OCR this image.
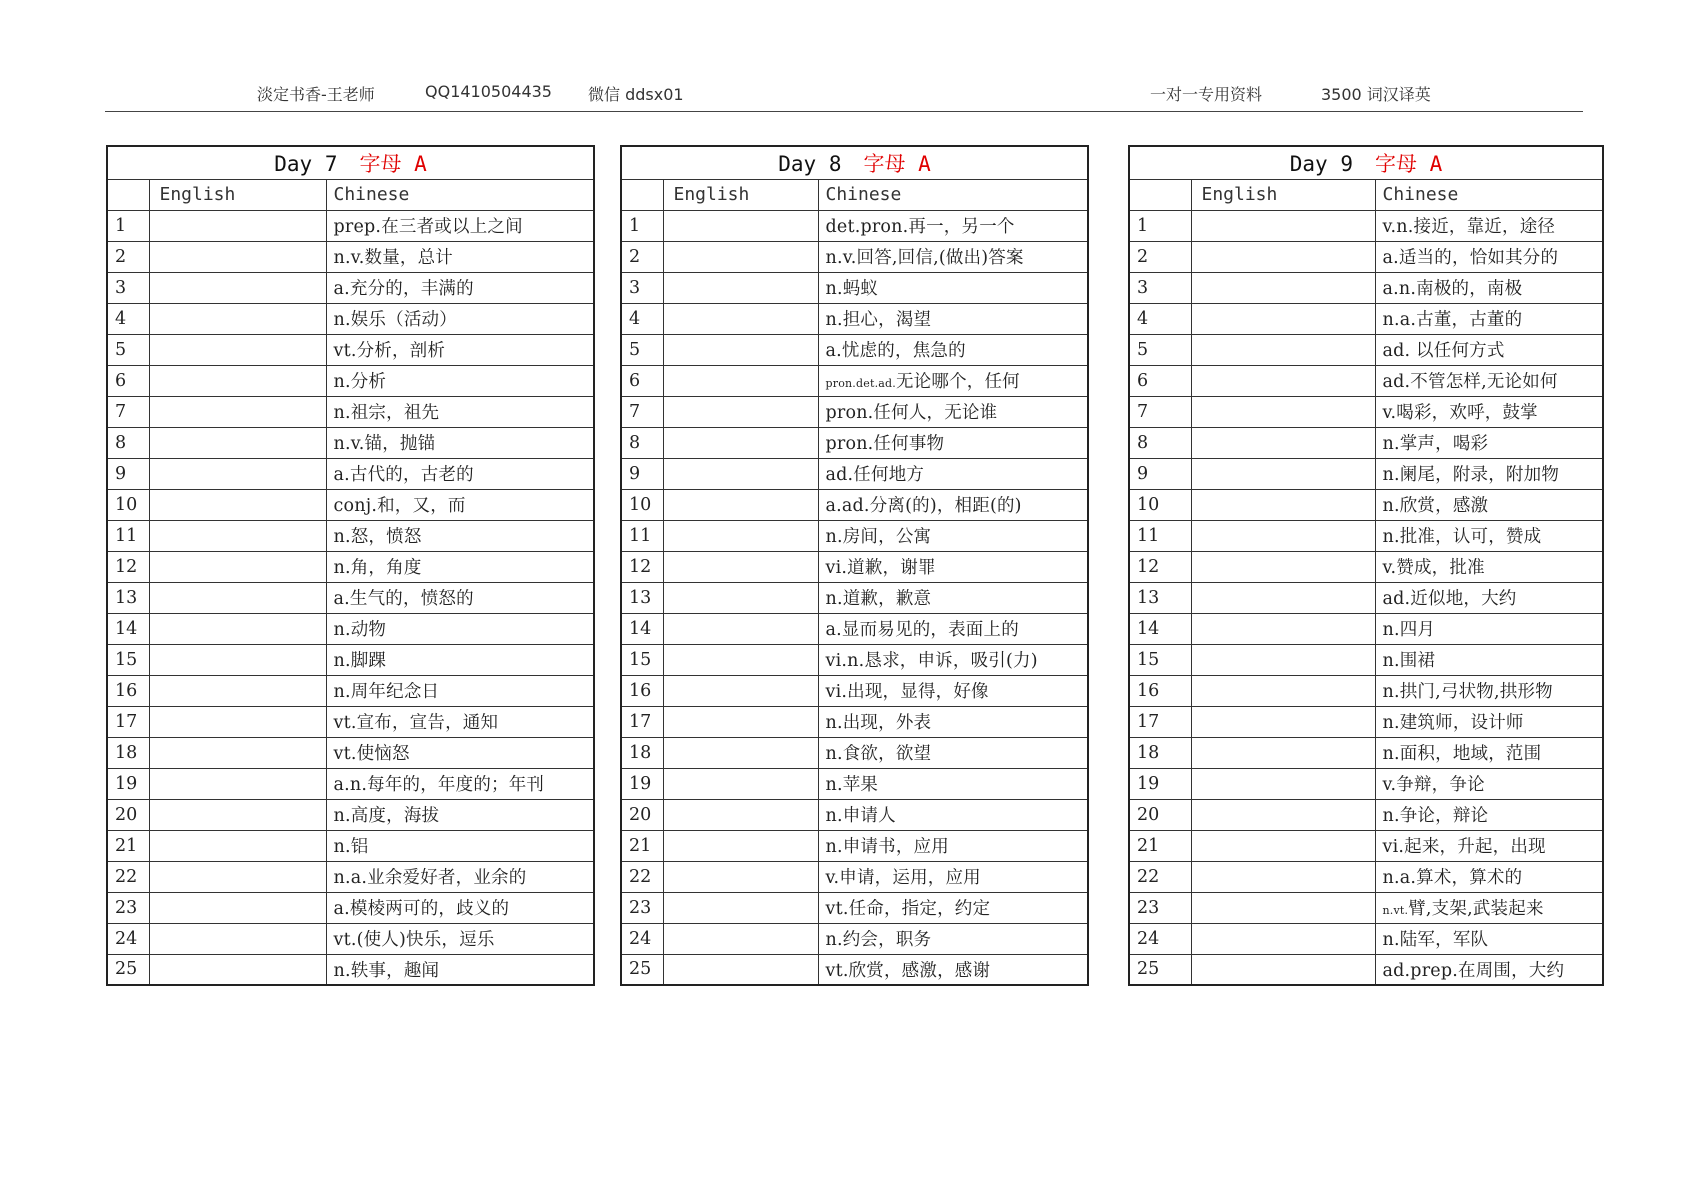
淡定书香-王老师	QQ1410504435 微信 ddsx01	一对一专用资料	3500 词汉译英
Day 7 字母 A		
	English	Chinese
1		prep.在三者或以上之间
2		n.v.数量，总计
3		a.充分的，丰满的
4		n.娱乐（活动）
5		vt.分析，剖析
6		n.分析
7		n.祖宗，祖先
8		n.v.锚，抛锚
9		a.古代的，古老的
10		conj.和，又，而
11		n.怒，愤怒
12		n.角，角度
13		a.生气的，愤怒的
14		n.动物
15		n.脚踝
16		n.周年纪念日
17		vt.宣布，宣告，通知
18		vt.使恼怒
19		a.n.每年的，年度的；年刊
20		n.高度，海拔
21		n.铝
22		n.a.业余爱好者，业余的
23		a.模棱两可的，歧义的
24		vt.(使人)快乐，逗乐
25		n.轶事，趣闻
Day 8 字母 A		
	English	Chinese
1		det.pron.再一，另一个
2		n.v.回答,回信,(做出)答案
3		n.蚂蚁
4		n.担心，渴望
5		a.忧虑的，焦急的
6		pron.det.ad.无论哪个，任何
7		pron.任何人，无论谁
8		pron.任何事物
9		ad.任何地方
10		a.ad.分离(的)，相距(的)
11		n.房间，公寓
12		vi.道歉，谢罪
13		n.道歉，歉意
14		a.显而易见的，表面上的
15		vi.n.恳求，申诉，吸引(力)
16		vi.出现，显得，好像
17		n.出现，外表
18		n.食欲，欲望
19		n.苹果
20		n.申请人
21		n.申请书，应用
22		v.申请，运用，应用
23		vt.任命，指定，约定
24		n.约会，职务
25		vt.欣赏，感激，感谢
Day 9 字母 A		
	English	Chinese
1		v.n.接近，靠近，途径
2		a.适当的，恰如其分的
3		a.n.南极的，南极
4		n.a.古董，古董的
5		ad. 以任何方式
6		ad.不管怎样,无论如何
7		v.喝彩，欢呼，鼓掌
8		n.掌声，喝彩
9		n.阑尾，附录，附加物
10		n.欣赏，感激
11		n.批准，认可，赞成
12		v.赞成，批准
13		ad.近似地，大约
14		n.四月
15		n.围裙
16		n.拱门,弓状物,拱形物
17		n.建筑师，设计师
18		n.面积，地域，范围
19		v.争辩，争论
20		n.争论，辩论
21		vi.起来，升起，出现
22		n.a.算术，算术的
23		n.vt.臂,支架,武装起来
24		n.陆军，军队
25		ad.prep.在周围，大约
